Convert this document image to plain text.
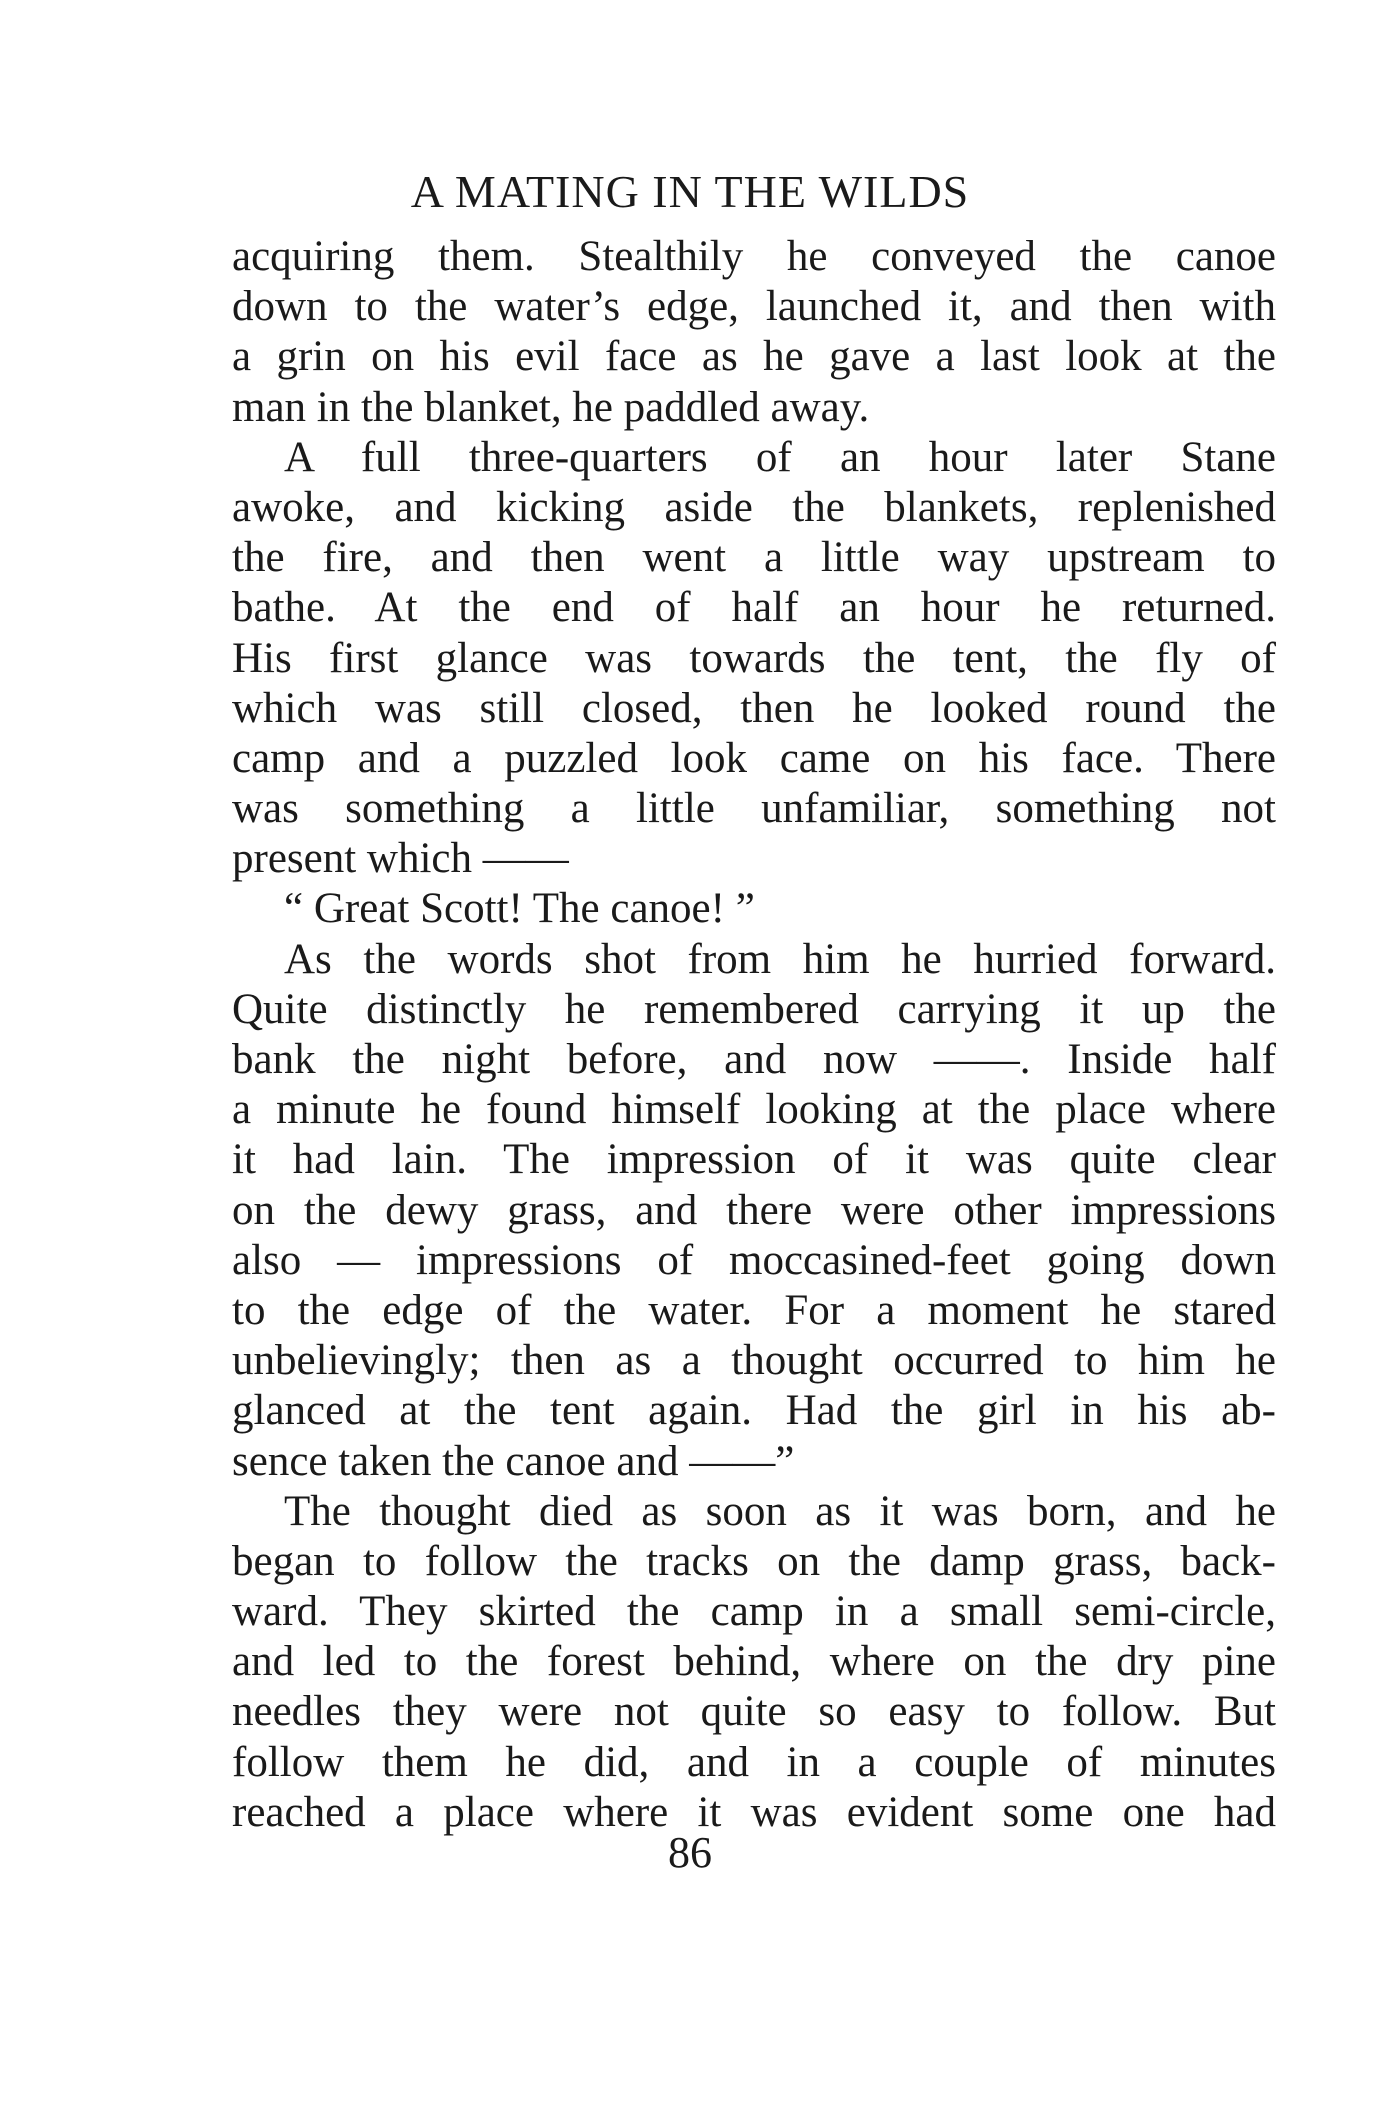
A MATING IN THE WILDS
acquiring them. Stealthily he conveyed the canoe
down to the water’s edge, launched it, and then with
a grin on his evil face as he gave a last look at the
man in the blanket, he paddled away.
A full three-quarters of an hour later Stane
awoke, and kicking aside the blankets, replenished
the fire, and then went a little way upstream to
bathe. At the end of half an hour he returned.
His first glance was towards the tent, the fly of
which was still closed, then he looked round the
camp and a puzzled look came on his face. There
was something a little unfamiliar, something not
present which ——
“ Great Scott! The canoe! ”
As the words shot from him he hurried forward.
Quite distinctly he remembered carrying it up the
bank the night before, and now ——. Inside half
a minute he found himself looking at the place where
it had lain. The impression of it was quite clear
on the dewy grass, and there were other impressions
also — impressions of moccasined-feet going down
to the edge of the water. For a moment he stared
unbelievingly; then as a thought occurred to him he
glanced at the tent again. Had the girl in his ab-
sence taken the canoe and ——”
The thought died as soon as it was born, and he
began to follow the tracks on the damp grass, back-
ward. They skirted the camp in a small semi-circle,
and led to the forest behind, where on the dry pine
needles they were not quite so easy to follow. But
follow them he did, and in a couple of minutes
reached a place where it was evident some one had
86
